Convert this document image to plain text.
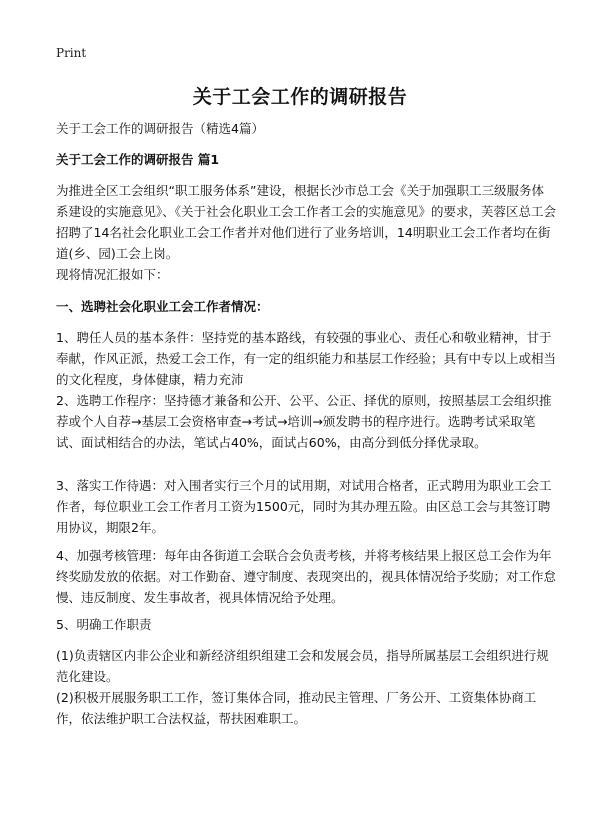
Print
关于工会工作的调研报告

关于工会工作的调研报告（精选4篇）

关于工会工作的调研报告 篇1

为推进全区工会组织“职工服务体系”建设，根据长沙市总工会《关于加强职工三级服务体系建设的实施意见》、《关于社会化职业工会工作者工会的实施意见》的要求，芙蓉区总工会招聘了14名社会化职业工会工作者并对他们进行了业务培训，14明职业工会工作者均在街道(乡、园)工会上岗。

现将情况汇报如下：

一、选聘社会化职业工会工作者情况：

1、聘任人员的基本条件：坚持党的基本路线，有较强的事业心、责任心和敬业精神，甘于奉献，作风正派，热爱工会工作，有一定的组织能力和基层工作经验；具有中专以上或相当的文化程度，身体健康，精力充沛

2、选聘工作程序：坚持德才兼备和公开、公平、公正、择优的原则，按照基层工会组织推荐或个人自荐→基层工会资格审查→考试→培训→颁发聘书的程序进行。选聘考试采取笔试、面试相结合的办法，笔试占40%，面试占60%，由高分到低分择优录取。

3、落实工作待遇：对入围者实行三个月的试用期，对试用合格者，正式聘用为职业工会工作者，每位职业工会工作者月工资为1500元，同时为其办理五险。由区总工会与其签订聘用协议，期限2年。

4、加强考核管理：每年由各街道工会联合会负责考核，并将考核结果上报区总工会作为年终奖励发放的依据。对工作勤奋、遵守制度、表现突出的，视具体情况给予奖励；对工作怠慢、违反制度、发生事故者，视具体情况给予处理。

5、明确工作职责

(1)负责辖区内非公企业和新经济组织组建工会和发展会员，指导所属基层工会组织进行规范化建设。

(2)积极开展服务职工工作，签订集体合同，推动民主管理、厂务公开、工资集体协商工作，依法维护职工合法权益，帮扶困难职工。
